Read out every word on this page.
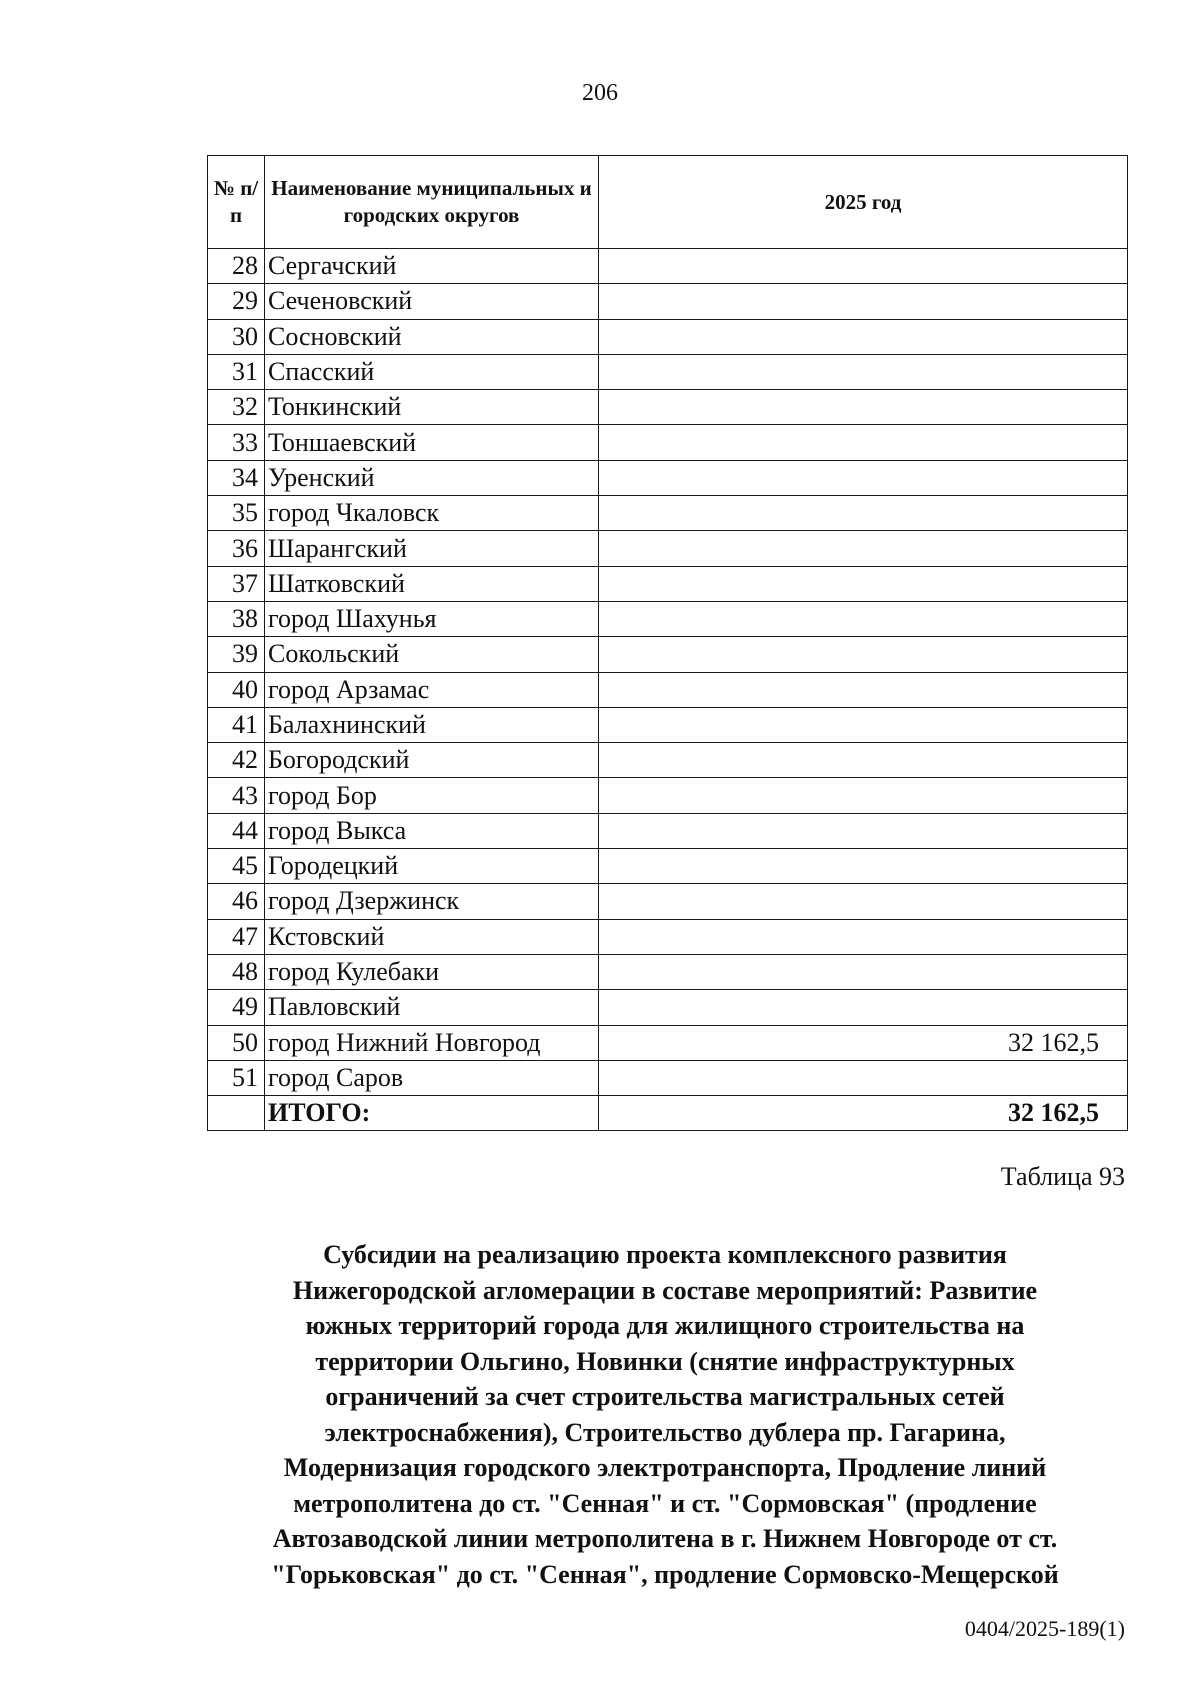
206
№ п/п	Наименование муниципальных и городских округов	2025 год
28	Сергачский	
29	Сеченовский	
30	Сосновский	
31	Спасский	
32	Тонкинский	
33	Тоншаевский	
34	Уренский	
35	город Чкаловск	
36	Шарангский	
37	Шатковский	
38	город Шахунья	
39	Сокольский	
40	город Арзамас	
41	Балахнинский	
42	Богородский	
43	город Бор	
44	город Выкса	
45	Городецкий	
46	город Дзержинск	
47	Кстовский	
48	город Кулебаки	
49	Павловский	
50	город Нижний Новгород	32 162,5
51	город Саров	
	ИТОГО:	32 162,5
Таблица 93
Субсидии на реализацию проекта комплексного развития
Нижегородской агломерации в составе мероприятий: Развитие
южных территорий города для жилищного строительства на
территории Ольгино, Новинки (снятие инфраструктурных
ограничений за счет строительства магистральных сетей
электроснабжения), Строительство дублера пр. Гагарина,
Модернизация городского электротранспорта, Продление линий
метрополитена до ст. "Сенная" и ст. "Сормовская" (продление
Автозаводской линии метрополитена в г. Нижнем Новгороде от ст.
"Горьковская" до ст. "Сенная", продление Сормовско-Мещерской
0404/2025-189(1)
